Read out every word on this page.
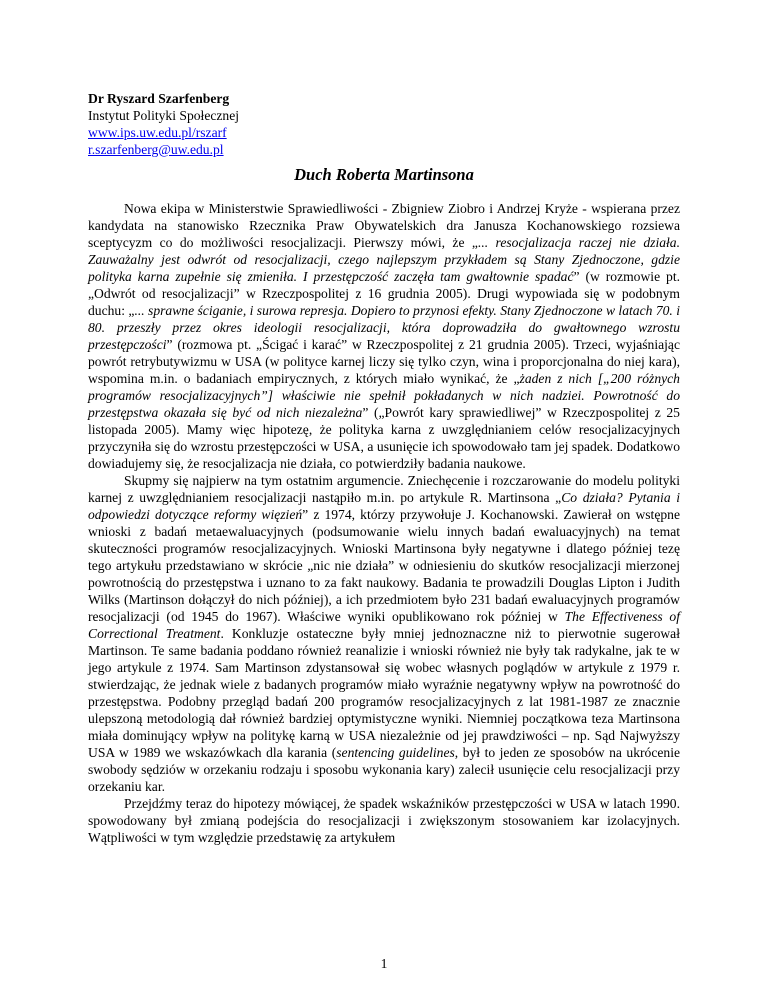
Dr Ryszard Szarfenberg
Instytut Polityki Społecznej
www.ips.uw.edu.pl/rszarf
r.szarfenberg@uw.edu.pl
Duch Roberta Martinsona

Nowa ekipa w Ministerstwie Sprawiedliwości - Zbigniew Ziobro i Andrzej Kryże - wspierana przez kandydata na stanowisko Rzecznika Praw Obywatelskich dra Janusza Kochanowskiego rozsiewa sceptycyzm co do możliwości resocjalizacji. Pierwszy mówi, że „... resocjalizacja raczej nie działa. Zauważalny jest odwrót od resocjalizacji, czego najlepszym przykładem są Stany Zjednoczone, gdzie polityka karna zupełnie się zmieniła. I przestępczość zaczęła tam gwałtownie spadać” (w rozmowie pt. „Odwrót od resocjalizacji” w Rzeczpospolitej z 16 grudnia 2005). Drugi wypowiada się w podobnym duchu: „... sprawne ściganie, i surowa represja. Dopiero to przynosi efekty. Stany Zjednoczone w latach 70. i 80. przeszły przez okres ideologii resocjalizacji, która doprowadziła do gwałtownego wzrostu przestępczości” (rozmowa pt. „Ścigać i karać” w Rzeczpospolitej z 21 grudnia 2005). Trzeci, wyjaśniając powrót retrybutywizmu w USA (w polityce karnej liczy się tylko czyn, wina i proporcjonalna do niej kara), wspomina m.in. o badaniach empirycznych, z których miało wynikać, że „żaden z nich [„200 różnych programów resocjalizacyjnych”] właściwie nie spełnił pokładanych w nich nadziei. Powrotność do przestępstwa okazała się być od nich niezależna” („Powrót kary sprawiedliwej” w Rzeczpospolitej z 25 listopada 2005). Mamy więc hipotezę, że polityka karna z uwzględnianiem celów resocjalizacyjnych przyczyniła się do wzrostu przestępczości w USA, a usunięcie ich spowodowało tam jej spadek. Dodatkowo dowiadujemy się, że resocjalizacja nie działa, co potwierdziły badania naukowe.

Skupmy się najpierw na tym ostatnim argumencie. Zniechęcenie i rozczarowanie do modelu polityki karnej z uwzględnianiem resocjalizacji nastąpiło m.in. po artykule R. Martinsona „Co działa? Pytania i odpowiedzi dotyczące reformy więzień” z 1974, którzy przywołuje J. Kochanowski. Zawierał on wstępne wnioski z badań metaewaluacyjnych (podsumowanie wielu innych badań ewaluacyjnych) na temat skuteczności programów resocjalizacyjnych. Wnioski Martinsona były negatywne i dlatego później tezę tego artykułu przedstawiano w skrócie „nic nie działa” w odniesieniu do skutków resocjalizacji mierzonej powrotnością do przestępstwa i uznano to za fakt naukowy. Badania te prowadzili Douglas Lipton i Judith Wilks (Martinson dołączył do nich później), a ich przedmiotem było 231 badań ewaluacyjnych programów resocjalizacji (od 1945 do 1967). Właściwe wyniki opublikowano rok później w The Effectiveness of Correctional Treatment. Konkluzje ostateczne były mniej jednoznaczne niż to pierwotnie sugerował Martinson. Te same badania poddano również reanalizie i wnioski również nie były tak radykalne, jak te w jego artykule z 1974. Sam Martinson zdystansował się wobec własnych poglądów w artykule z 1979 r. stwierdzając, że jednak wiele z badanych programów miało wyraźnie negatywny wpływ na powrotność do przestępstwa. Podobny przegląd badań 200 programów resocjalizacyjnych z lat 1981-1987 ze znacznie ulepszoną metodologią dał również bardziej optymistyczne wyniki. Niemniej początkowa teza Martinsona miała dominujący wpływ na politykę karną w USA niezależnie od jej prawdziwości – np. Sąd Najwyższy USA w 1989 we wskazówkach dla karania (sentencing guidelines, był to jeden ze sposobów na ukrócenie swobody sędziów w orzekaniu rodzaju i sposobu wykonania kary) zalecił usunięcie celu resocjalizacji przy orzekaniu kar.

Przejdźmy teraz do hipotezy mówiącej, że spadek wskaźników przestępczości w USA w latach 1990. spowodowany był zmianą podejścia do resocjalizacji i zwiększonym stosowaniem kar izolacyjnych. Wątpliwości w tym względzie przedstawię za artykułem

1
